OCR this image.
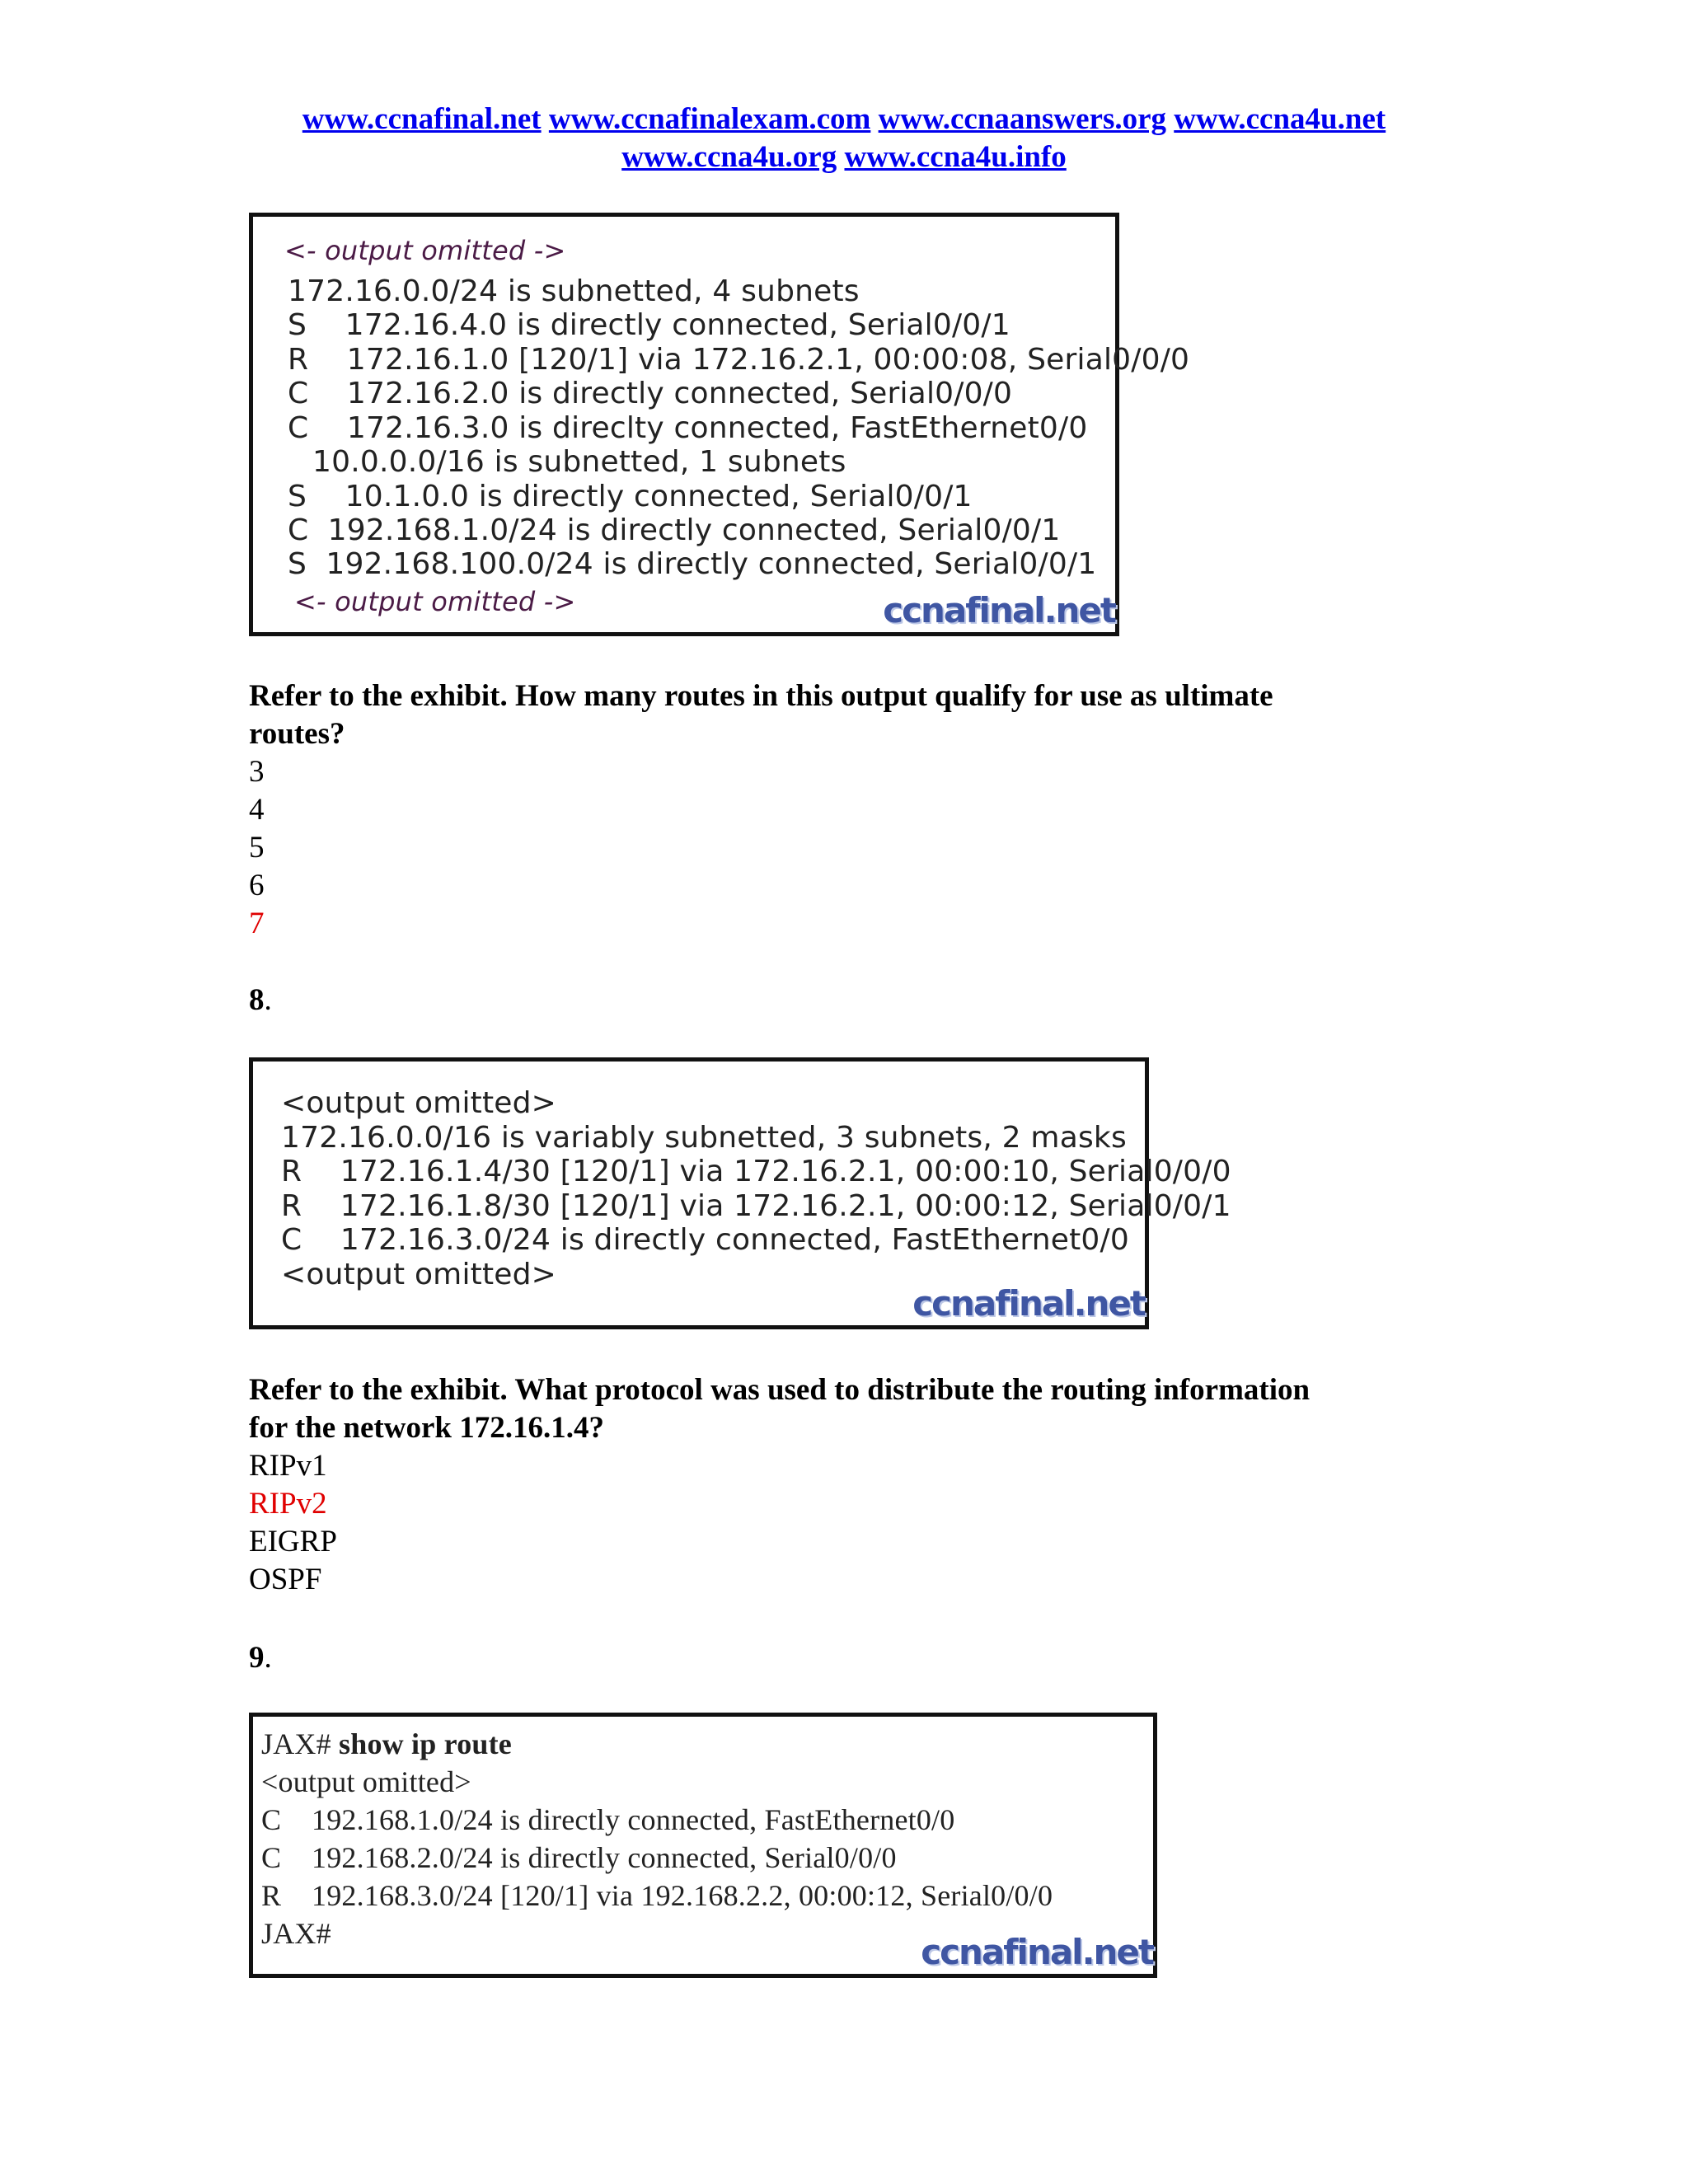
www.ccnafinal.net www.ccnafinalexam.com www.ccnaanswers.org www.ccna4u.net
www.ccna4u.org www.ccna4u.info
<- output omitted ->
172.16.0.0/24 is subnetted, 4 subnets
S    172.16.4.0 is directly connected, Serial0/0/1
R    172.16.1.0 [120/1] via 172.16.2.1, 00:00:08, Serial0/0/0
C    172.16.2.0 is directly connected, Serial0/0/0
C    172.16.3.0 is direclty connected, FastEthernet0/0
10.0.0.0/16 is subnetted, 1 subnets
S    10.1.0.0 is directly connected, Serial0/0/1
C  192.168.1.0/24 is directly connected, Serial0/0/1
S  192.168.100.0/24 is directly connected, Serial0/0/1
<- output omitted ->	ccnafinal.net
Refer to the exhibit. How many routes in this output qualify for use as ultimate
routes?
3
4
5
6
7
8.
<output omitted>
172.16.0.0/16 is variably subnetted, 3 subnets, 2 masks
R    172.16.1.4/30 [120/1] via 172.16.2.1, 00:00:10, Serial0/0/0
R    172.16.1.8/30 [120/1] via 172.16.2.1, 00:00:12, Serial0/0/1
C    172.16.3.0/24 is directly connected, FastEthernet0/0
<output omitted>
ccnafinal.net
Refer to the exhibit. What protocol was used to distribute the routing information
for the network 172.16.1.4?
RIPv1
RIPv2
EIGRP
OSPF
9.
JAX# show ip route
<output omitted>
C    192.168.1.0/24 is directly connected, FastEthernet0/0
C    192.168.2.0/24 is directly connected, Serial0/0/0
R    192.168.3.0/24 [120/1] via 192.168.2.2, 00:00:12, Serial0/0/0
JAX#	ccnafinal.net
